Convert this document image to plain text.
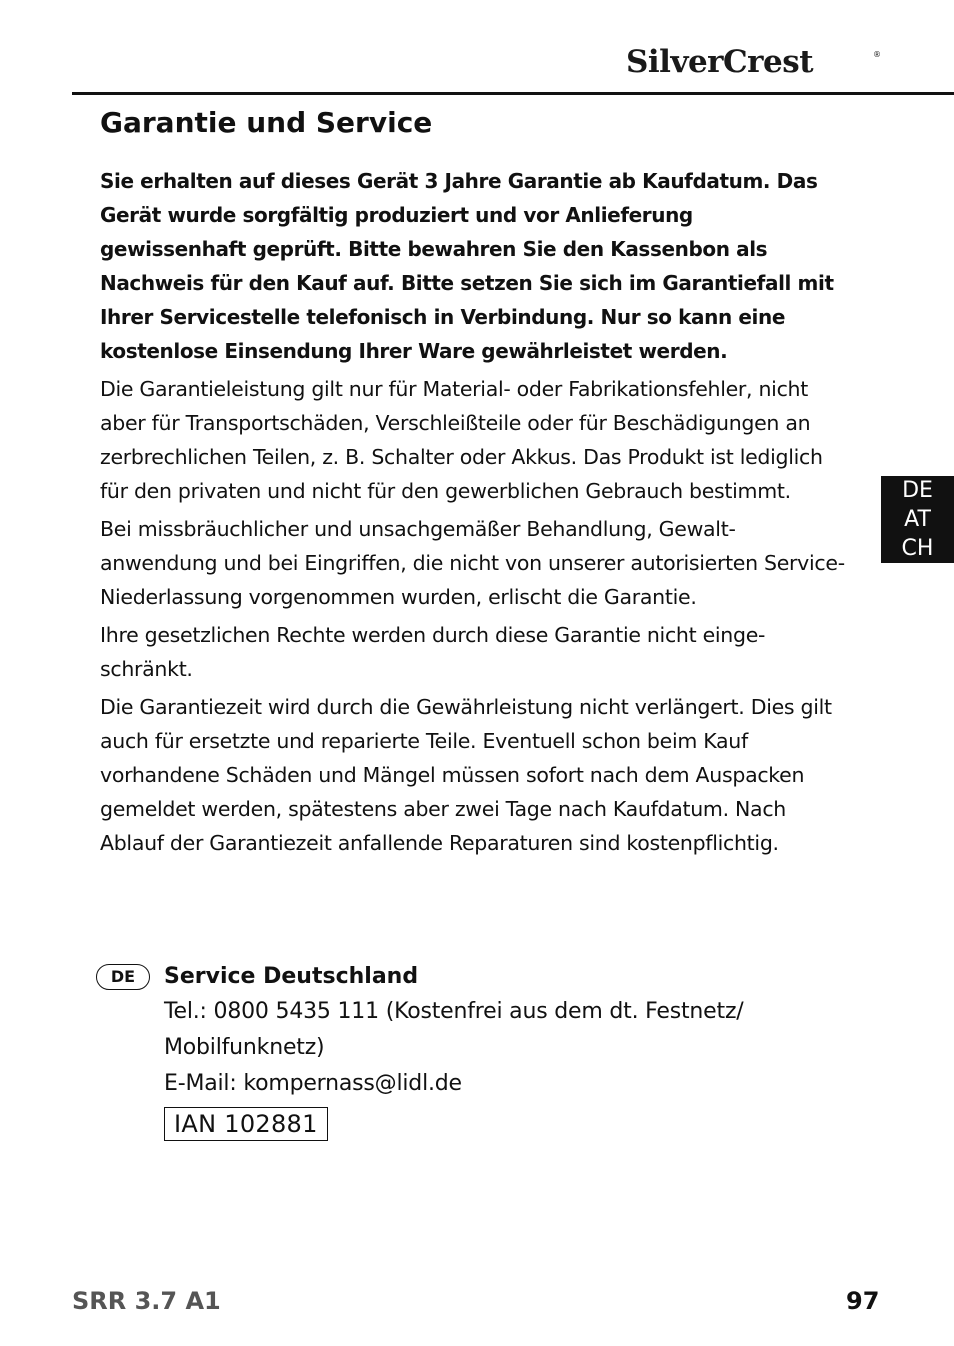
SilverCrest	®
Garantie und Service

Sie erhalten auf dieses Gerät 3 Jahre Garantie ab Kaufdatum. Das Gerät wurde sorgfältig produziert und vor Anlieferung gewissenhaft geprüft. Bitte bewahren Sie den Kassenbon als Nachweis für den Kauf auf. Bitte setzen Sie sich im Garantiefall mit Ihrer Servicestelle telefonisch in Verbindung. Nur so kann eine kostenlose Einsendung Ihrer Ware gewährleistet werden.

Die Garantieleistung gilt nur für Material- oder Fabrikationsfehler, nicht aber für Transportschäden, Verschleißteile oder für Beschädigungen an zerbrechlichen Teilen, z. B. Schalter oder Akkus. Das Produkt ist lediglich für den privaten und nicht für den gewerblichen Gebrauch bestimmt.

Bei missbräuchlicher und unsachgemäßer Behandlung, Gewaltanwendung und bei Eingriffen, die nicht von unserer autorisierten Service-Niederlassung vorgenommen wurden, erlischt die Garantie.

Ihre gesetzlichen Rechte werden durch diese Garantie nicht eingeschränkt.

Die Garantiezeit wird durch die Gewährleistung nicht verlängert. Dies gilt auch für ersetzte und reparierte Teile. Eventuell schon beim Kauf vorhandene Schäden und Mängel müssen sofort nach dem Auspacken gemeldet werden, spätestens aber zwei Tage nach Kaufdatum. Nach Ablauf der Garantiezeit anfallende Reparaturen sind kostenpflichtig.

DE
AT
CH
DE	Service Deutschland

Tel.: 0800 5435 111 (Kostenfrei aus dem dt. Festnetz/

Mobilfunknetz)

E-Mail: kompernass@lidl.de

IAN 102881
SRR 3.7 A1	97
